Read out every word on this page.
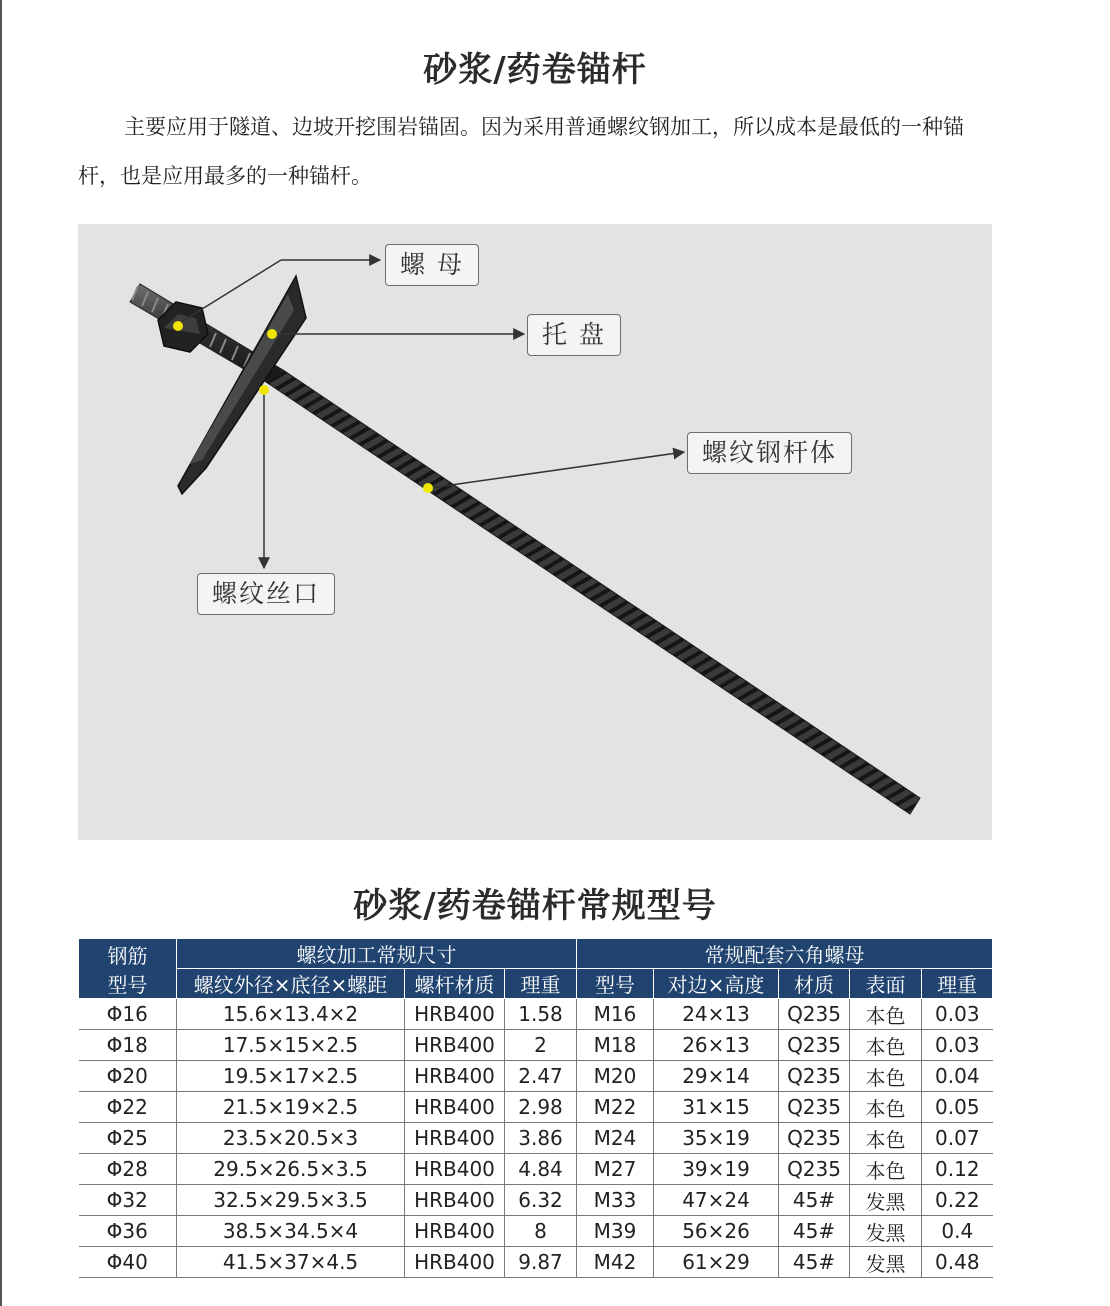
砂浆/药卷锚杆
主要应用于隧道、边坡开挖围岩锚固。因为采用普通螺纹钢加工，所以成本是最低的一种锚杆，也是应用最多的一种锚杆。
螺 母
托 盘
螺纹钢杆体
螺纹丝口
砂浆/药卷锚杆常规型号
钢筋
型号	螺纹加工常规尺寸			常规配套六角螺母				
	螺纹外径×底径×螺距	螺杆材质	理重	型号	对边×高度	材质	表面	理重
Φ16	15.6×13.4×2	HRB400	1.58	M16	24×13	Q235	本色	0.03
Φ18	17.5×15×2.5	HRB400	2	M18	26×13	Q235	本色	0.03
Φ20	19.5×17×2.5	HRB400	2.47	M20	29×14	Q235	本色	0.04
Φ22	21.5×19×2.5	HRB400	2.98	M22	31×15	Q235	本色	0.05
Φ25	23.5×20.5×3	HRB400	3.86	M24	35×19	Q235	本色	0.07
Φ28	29.5×26.5×3.5	HRB400	4.84	M27	39×19	Q235	本色	0.12
Φ32	32.5×29.5×3.5	HRB400	6.32	M33	47×24	45#	发黑	0.22
Φ36	38.5×34.5×4	HRB400	8	M39	56×26	45#	发黑	0.4
Φ40	41.5×37×4.5	HRB400	9.87	M42	61×29	45#	发黑	0.48
